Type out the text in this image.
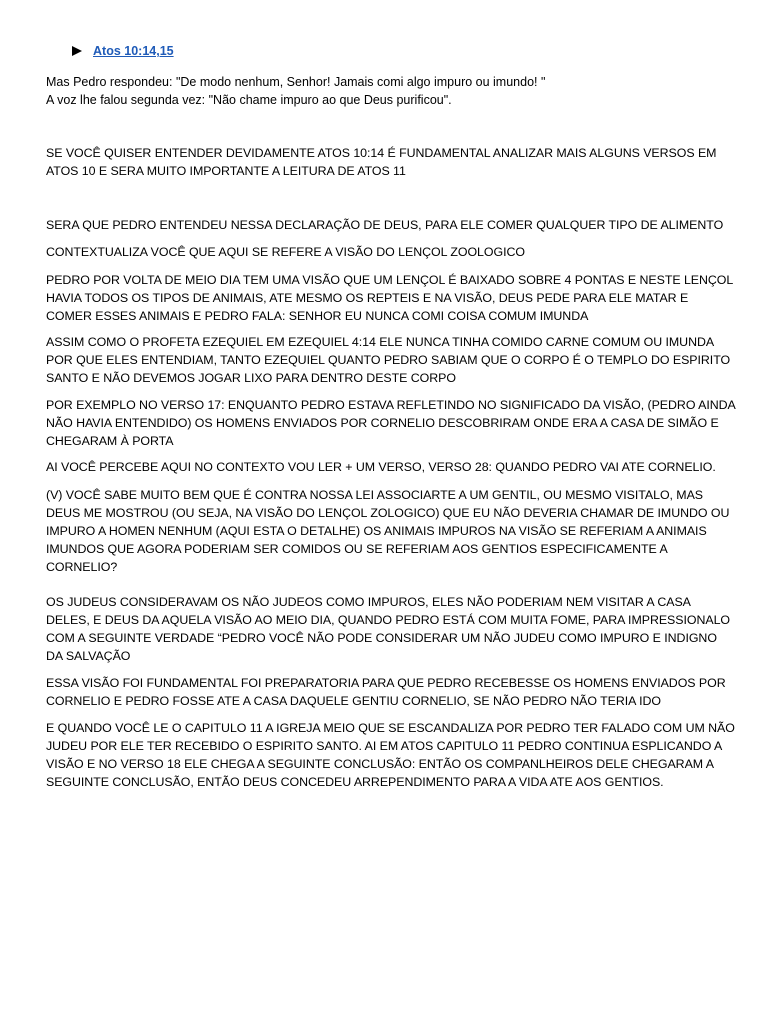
Atos 10:14,15

Mas Pedro respondeu: "De modo nenhum, Senhor! Jamais comi algo impuro ou imundo! "

A voz lhe falou segunda vez: "Não chame impuro ao que Deus purificou".

SE VOCÊ QUISER ENTENDER DEVIDAMENTE ATOS 10:14 É FUNDAMENTAL ANALIZAR MAIS ALGUNS VERSOS EM ATOS 10 E SERA MUITO IMPORTANTE A LEITURA DE ATOS 11

SERA QUE PEDRO ENTENDEU NESSA DECLARAÇÃO DE DEUS, PARA ELE COMER QUALQUER TIPO DE ALIMENTO

CONTEXTUALIZA VOCÊ QUE AQUI SE REFERE A VISÃO DO LENÇOL ZOOLOGICO

PEDRO POR VOLTA DE MEIO DIA TEM UMA VISÃO QUE UM LENÇOL É BAIXADO SOBRE 4 PONTAS E NESTE LENÇOL HAVIA TODOS OS TIPOS DE ANIMAIS, ATE MESMO OS REPTEIS E NA VISÃO, DEUS PEDE PARA ELE MATAR E COMER ESSES ANIMAIS E PEDRO FALA: SENHOR EU NUNCA COMI COISA COMUM IMUNDA

ASSIM COMO O PROFETA EZEQUIEL EM EZEQUIEL 4:14 ELE NUNCA TINHA COMIDO CARNE COMUM OU IMUNDA POR QUE ELES ENTENDIAM, TANTO EZEQUIEL QUANTO PEDRO SABIAM QUE O CORPO É O TEMPLO DO ESPIRITO SANTO E NÃO DEVEMOS JOGAR LIXO PARA DENTRO DESTE CORPO

POR EXEMPLO NO VERSO 17: ENQUANTO PEDRO ESTAVA REFLETINDO NO SIGNIFICADO DA VISÃO, (PEDRO AINDA NÃO HAVIA ENTENDIDO) OS HOMENS ENVIADOS POR CORNELIO DESCOBRIRAM ONDE ERA A CASA DE SIMÃO E CHEGARAM À PORTA

AI VOCÊ PERCEBE AQUI NO CONTEXTO VOU LER + UM VERSO, VERSO 28: QUANDO PEDRO VAI ATE CORNELIO.

(V) VOCÊ SABE MUITO BEM QUE É CONTRA NOSSA LEI ASSOCIARTE A UM GENTIL, OU MESMO VISITALO, MAS DEUS ME MOSTROU (OU SEJA, NA VISÃO DO LENÇOL ZOLOGICO) QUE EU NÃO DEVERIA CHAMAR DE IMUNDO OU IMPURO A HOMEN NENHUM (AQUI ESTA O DETALHE) OS ANIMAIS IMPUROS NA VISÃO SE REFERIAM A ANIMAIS IMUNDOS QUE AGORA PODERIAM SER COMIDOS OU SE REFERIAM AOS GENTIOS ESPECIFICAMENTE A CORNELIO?

OS JUDEUS CONSIDERAVAM OS NÃO JUDEOS COMO IMPUROS, ELES NÃO PODERIAM NEM VISITAR A CASA DELES, E DEUS DA AQUELA VISÃO AO MEIO DIA, QUANDO PEDRO ESTÁ COM MUITA FOME, PARA IMPRESSIONALO COM A SEGUINTE VERDADE “PEDRO VOCÊ NÃO PODE CONSIDERAR UM NÃO JUDEU COMO IMPURO E INDIGNO DA SALVAÇÃO

ESSA VISÃO FOI FUNDAMENTAL FOI PREPARATORIA PARA QUE PEDRO RECEBESSE OS HOMENS ENVIADOS POR CORNELIO E PEDRO FOSSE ATE A CASA DAQUELE GENTIU CORNELIO, SE NÃO PEDRO NÃO TERIA IDO

E QUANDO VOCÊ LE O CAPITULO 11 A IGREJA MEIO QUE SE ESCANDALIZA POR PEDRO TER FALADO COM UM NÃO JUDEU POR ELE TER RECEBIDO O ESPIRITO SANTO. AI EM ATOS CAPITULO 11 PEDRO CONTINUA ESPLICANDO A VISÃO E NO VERSO 18 ELE CHEGA A SEGUINTE CONCLUSÃO: ENTÃO OS COMPANLHEIROS DELE CHEGARAM A SEGUINTE CONCLUSÃO, ENTÃO DEUS CONCEDEU ARREPENDIMENTO PARA A VIDA ATE AOS GENTIOS.
